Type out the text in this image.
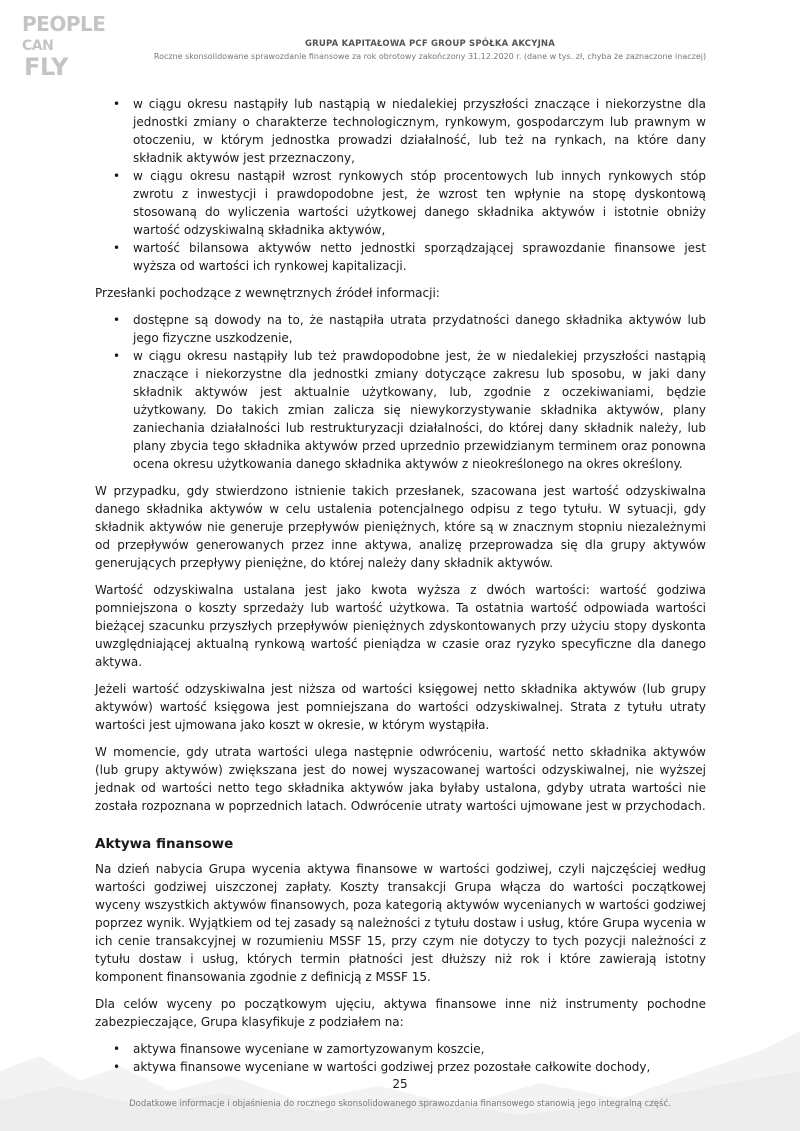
PEOPLE
CANFLY
GRUPA KAPITAŁOWA PCF GROUP SPÓŁKA AKCYJNA
Roczne skonsolidowane sprawozdanie finansowe za rok obrotowy zakończony 31.12.2020 r. (dane w tys. zł, chyba że zaznaczone inaczej)
• w ciągu okresu nastąpiły lub nastąpią w niedalekiej przyszłości znaczące i niekorzystne dla jednostki zmiany o charakterze technologicznym, rynkowym, gospodarczym lub prawnym w otoczeniu, w którym jednostka prowadzi działalność, lub też na rynkach, na które dany składnik aktywów jest przeznaczony,
• w ciągu okresu nastąpił wzrost rynkowych stóp procentowych lub innych rynkowych stóp zwrotu z inwestycji i prawdopodobne jest, że wzrost ten wpłynie na stopę dyskontową stosowaną do wyliczenia wartości użytkowej danego składnika aktywów i istotnie obniży wartość odzyskiwalną składnika aktywów,
• wartość bilansowa aktywów netto jednostki sporządzającej sprawozdanie finansowe jest wyższa od wartości ich rynkowej kapitalizacji.

Przesłanki pochodzące z wewnętrznych źródeł informacji:

• dostępne są dowody na to, że nastąpiła utrata przydatności danego składnika aktywów lub jego fizyczne uszkodzenie,
• w ciągu okresu nastąpiły lub też prawdopodobne jest, że w niedalekiej przyszłości nastąpią znaczące i niekorzystne dla jednostki zmiany dotyczące zakresu lub sposobu, w jaki dany składnik aktywów jest aktualnie użytkowany, lub, zgodnie z oczekiwaniami, będzie użytkowany. Do takich zmian zalicza się niewykorzystywanie składnika aktywów, plany zaniechania działalności lub restrukturyzacji działalności, do której dany składnik należy, lub plany zbycia tego składnika aktywów przed uprzednio przewidzianym terminem oraz ponowna ocena okresu użytkowania danego składnika aktywów z nieokreślonego na okres określony.

W przypadku, gdy stwierdzono istnienie takich przesłanek, szacowana jest wartość odzyskiwalna danego składnika aktywów w celu ustalenia potencjalnego odpisu z tego tytułu. W sytuacji, gdy składnik aktywów nie generuje przepływów pieniężnych, które są w znacznym stopniu niezależnymi od przepływów generowanych przez inne aktywa, analizę przeprowadza się dla grupy aktywów generujących przepływy pieniężne, do której należy dany składnik aktywów.

Wartość odzyskiwalna ustalana jest jako kwota wyższa z dwóch wartości: wartość godziwa pomniejszona o koszty sprzedaży lub wartość użytkowa. Ta ostatnia wartość odpowiada wartości bieżącej szacunku przyszłych przepływów pieniężnych zdyskontowanych przy użyciu stopy dyskonta uwzględniającej aktualną rynkową wartość pieniądza w czasie oraz ryzyko specyficzne dla danego aktywa.

Jeżeli wartość odzyskiwalna jest niższa od wartości księgowej netto składnika aktywów (lub grupy aktywów) wartość księgowa jest pomniejszana do wartości odzyskiwalnej. Strata z tytułu utraty wartości jest ujmowana jako koszt w okresie, w którym wystąpiła.

W momencie, gdy utrata wartości ulega następnie odwróceniu, wartość netto składnika aktywów (lub grupy aktywów) zwiększana jest do nowej wyszacowanej wartości odzyskiwalnej, nie wyższej jednak od wartości netto tego składnika aktywów jaka byłaby ustalona, gdyby utrata wartości nie została rozpoznana w poprzednich latach. Odwrócenie utraty wartości ujmowane jest w przychodach.

Aktywa finansowe

Na dzień nabycia Grupa wycenia aktywa finansowe w wartości godziwej, czyli najczęściej według wartości godziwej uiszczonej zapłaty. Koszty transakcji Grupa włącza do wartości początkowej wyceny wszystkich aktywów finansowych, poza kategorią aktywów wycenianych w wartości godziwej poprzez wynik. Wyjątkiem od tej zasady są należności z tytułu dostaw i usług, które Grupa wycenia w ich cenie transakcyjnej w rozumieniu MSSF 15, przy czym nie dotyczy to tych pozycji należności z tytułu dostaw i usług, których termin płatności jest dłuższy niż rok i które zawierają istotny komponent finansowania zgodnie z definicją z MSSF 15.

Dla celów wyceny po początkowym ujęciu, aktywa finansowe inne niż instrumenty pochodne zabezpieczające, Grupa klasyfikuje z podziałem na:

• aktywa finansowe wyceniane w zamortyzowanym koszcie,
• aktywa finansowe wyceniane w wartości godziwej przez pozostałe całkowite dochody,
25
Dodatkowe informacje i objaśnienia do rocznego skonsolidowanego sprawozdania finansowego stanowią jego integralną część.
